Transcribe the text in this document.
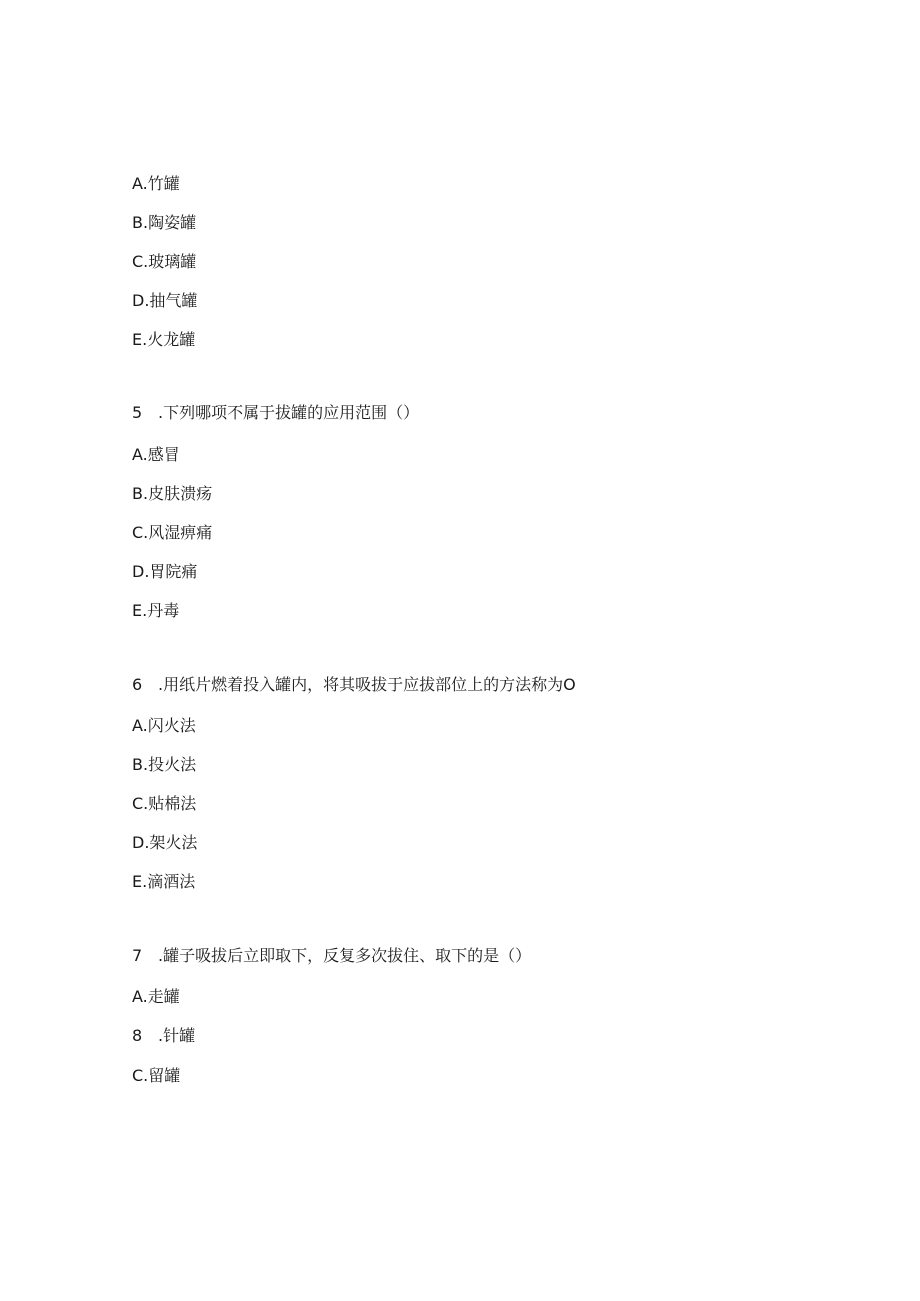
A.竹罐
B.陶姿罐
C.玻璃罐
D.抽气罐
E.火龙罐
5 .下列哪项不属于拔罐的应用范围（）
A.感冒
B.皮肤溃疡
C.风湿痹痛
D.胃院痛
E.丹毒
6 .用纸片燃着投入罐内，将其吸拔于应拔部位上的方法称为O
A.闪火法
B.投火法
C.贴棉法
D.架火法
E.滴酒法
7 .罐子吸拔后立即取下，反复多次拔住、取下的是（）
A.走罐
8 .针罐
C.留罐
